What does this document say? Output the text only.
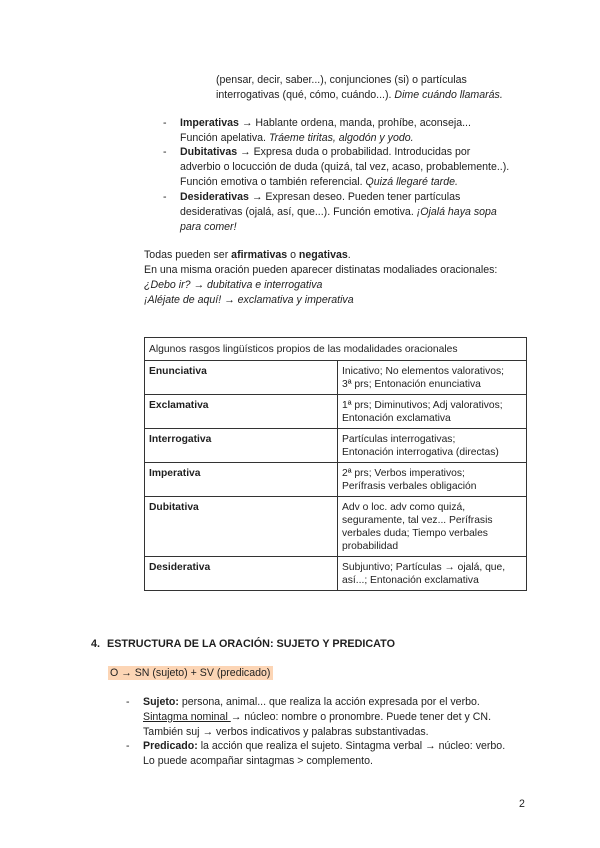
(pensar, decir, saber...), conjunciones (si) o partículas
interrogativas (qué, cómo, cuándo...). Dime cuándo llamarás.
- Imperativas → Hablante ordena, manda, prohíbe, aconseja...
Función apelativa. Tráeme tiritas, algodón y yodo.
- Dubitativas → Expresa duda o probabilidad. Introducidas por
adverbio o locucción de duda (quizá, tal vez, acaso, probablemente..).
Función emotiva o también referencial. Quizá llegaré tarde.
- Desiderativas → Expresan deseo. Pueden tener partículas
desiderativas (ojalá, así, que...). Función emotiva. ¡Ojalá haya sopa
para comer!
Todas pueden ser afirmativas o negativas.
En una misma oración pueden aparecer distinatas modaliades oracionales:
¿Debo ir? → dubitativa e interrogativa
¡Aléjate de aquí! → exclamativa y imperativa
Algunos rasgos lingüísticos propios de las modalidades oracionales	
Enunciativa	Inicativo; No elementos valorativos;
3ª prs; Entonación enunciativa

Exclamativa	1ª prs; Diminutivos; Adj valorativos;
Entonación exclamativa

Interrogativa	Partículas interrogativas;
Entonación interrogativa (directas)

Imperativa	2ª prs; Verbos imperativos;
Perífrasis verbales obligación

Dubitativa	Adv o loc. adv como quizá,
seguramente, tal vez... Perífrasis
verbales duda; Tiempo verbales
probabilidad

Desiderativa	Subjuntivo; Partículas → ojalá, que,
así...; Entonación exclamativa
4. ESTRUCTURA DE LA ORACIÓN: SUJETO Y PREDICATO
O → SN (sujeto) + SV (predicado)
- Sujeto: persona, animal... que realiza la acción expresada por el verbo.
Sintagma nominal → núcleo: nombre o pronombre. Puede tener det y CN.
También suj → verbos indicativos y palabras substantivadas.
- Predicado: la acción que realiza el sujeto. Sintagma verbal → núcleo: verbo.
Lo puede acompañar sintagmas > complemento.
2
